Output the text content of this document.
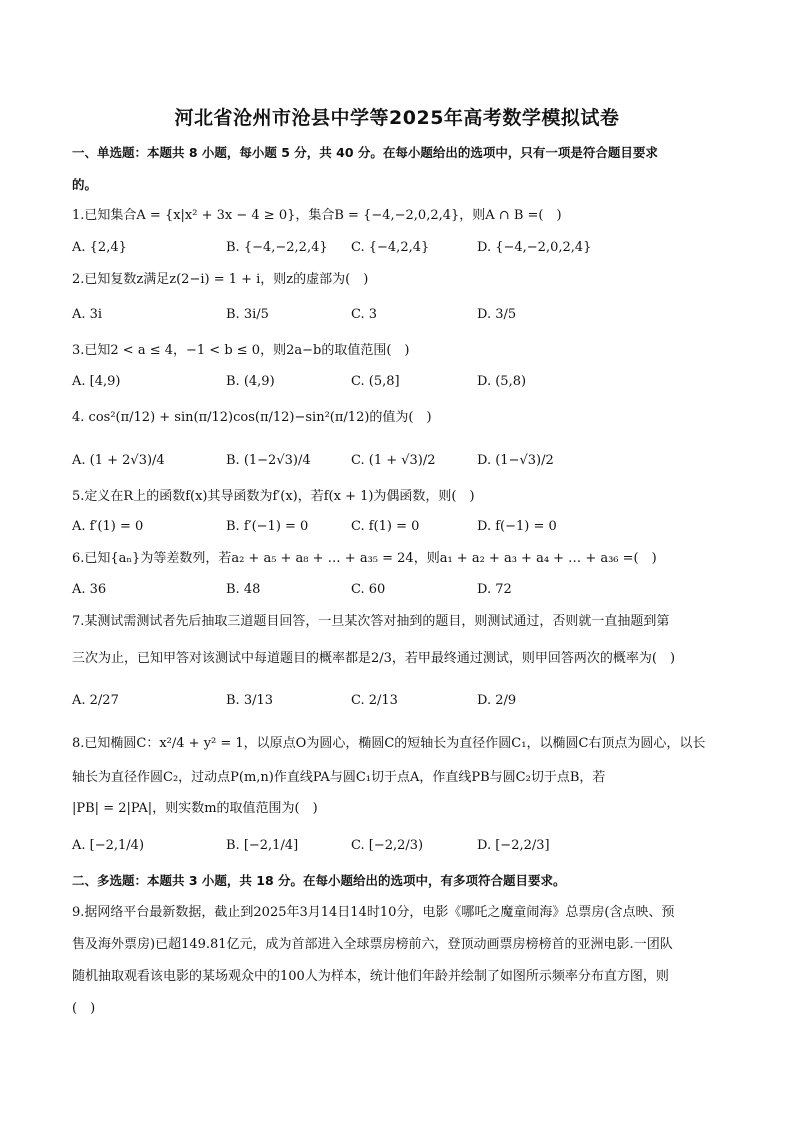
河北省沧州市沧县中学等2025年高考数学模拟试卷
一、单选题：本题共 8 小题，每小题 5 分，共 40 分。在每小题给出的选项中，只有一项是符合题目要求
的。
1.已知集合A = {x|x² + 3x − 4 ≥ 0}，集合B = {−4,−2,0,2,4}，则A ∩ B =(　)
A. {2,4}	B. {−4,−2,2,4} C. {−4,2,4}	D. {−4,−2,0,2,4}
2.已知复数z满足z(2−i) = 1 + i，则z的虚部为(　)
A. 3i	B. 3i/5	C. 3	D. 3/5
3.已知2 < a ≤ 4，−1 < b ≤ 0，则2a−b的取值范围(　)
A. [4,9)	B. (4,9)	C. (5,8]	D. (5,8)
4. cos²(π/12) + sin(π/12)cos(π/12)−sin²(π/12)的值为(　)
A. (1 + 2√3)/4	B. (1−2√3)/4	C. (1 + √3)/2	D. (1−√3)/2
5.定义在R上的函数f(x)其导函数为f′(x)，若f(x + 1)为偶函数，则(　)
A. f′(1) = 0	B. f′(−1) = 0	C. f(1) = 0	D. f(−1) = 0
6.已知{aₙ}为等差数列，若a₂ + a₅ + a₈ + … + a₃₅ = 24，则a₁ + a₂ + a₃ + a₄ + … + a₃₆ =(　)
A. 36	B. 48	C. 60	D. 72
7.某测试需测试者先后抽取三道题目回答，一旦某次答对抽到的题目，则测试通过，否则就一直抽题到第
三次为止，已知甲答对该测试中每道题目的概率都是2/3，若甲最终通过测试，则甲回答两次的概率为(　)
A. 2/27	B. 3/13	C. 2/13	D. 2/9
8.已知椭圆C：x²/4 + y² = 1，以原点O为圆心，椭圆C的短轴长为直径作圆C₁，以椭圆C右顶点为圆心，以长
轴长为直径作圆C₂，过动点P(m,n)作直线PA与圆C₁切于点A，作直线PB与圆C₂切于点B，若
|PB| = 2|PA|，则实数m的取值范围为(　)
A. [−2,1/4)	B. [−2,1/4]	C. [−2,2/3)	D. [−2,2/3]
二、多选题：本题共 3 小题，共 18 分。在每小题给出的选项中，有多项符合题目要求。
9.据网络平台最新数据，截止到2025年3月14日14时10分，电影《哪吒之魔童闹海》总票房(含点映、预
售及海外票房)已超149.81亿元，成为首部进入全球票房榜前六，登顶动画票房榜榜首的亚洲电影.一团队
随机抽取观看该电影的某场观众中的100人为样本，统计他们年龄并绘制了如图所示频率分布直方图，则
(　)
